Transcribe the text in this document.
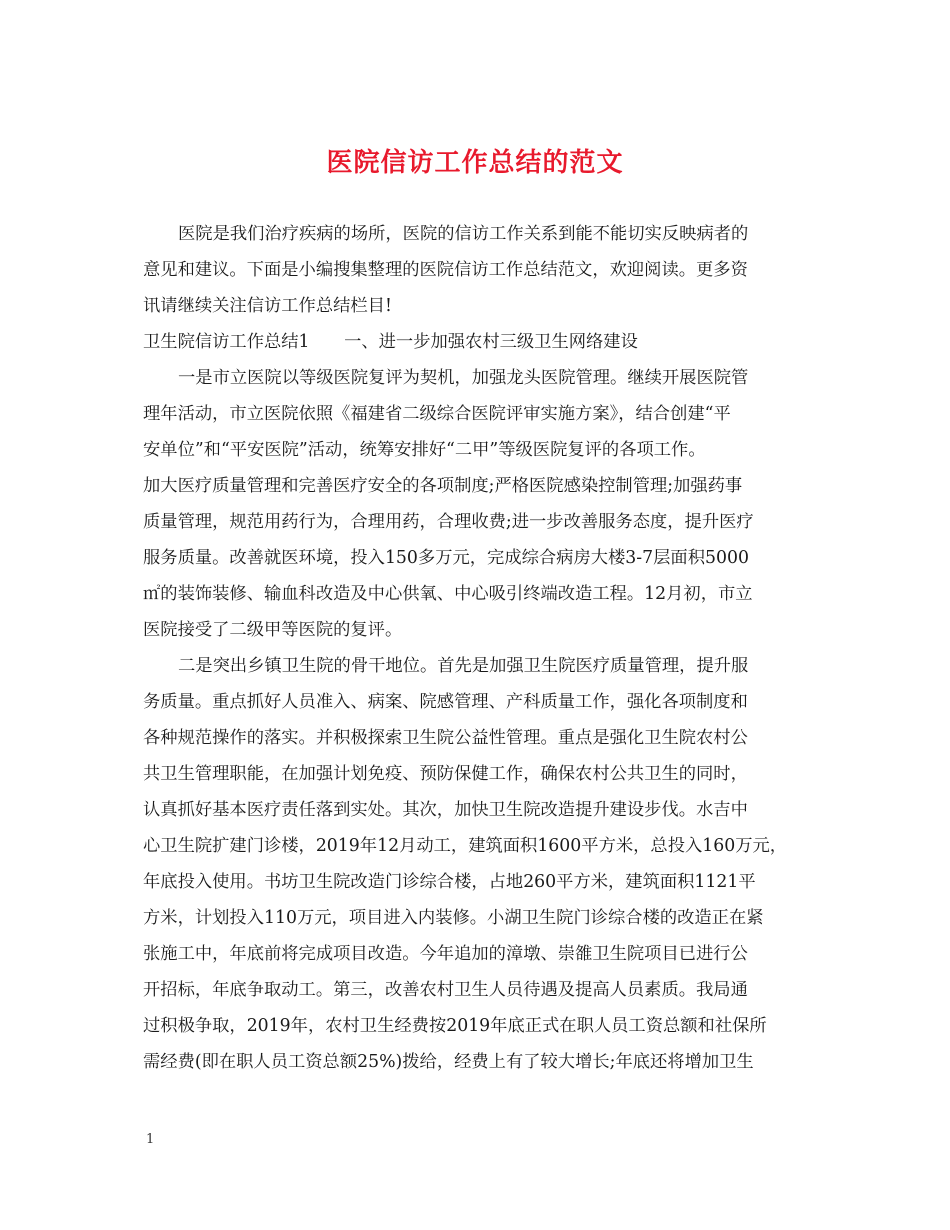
医院信访工作总结的范文
医院是我们治疗疾病的场所，医院的信访工作关系到能不能切实反映病者的
意见和建议。下面是小编搜集整理的医院信访工作总结范文，欢迎阅读。更多资
讯请继续关注信访工作总结栏目!
卫生院信访工作总结1　　一、进一步加强农村三级卫生网络建设
一是市立医院以等级医院复评为契机，加强龙头医院管理。继续开展医院管
理年活动，市立医院依照《福建省二级综合医院评审实施方案》，结合创建“平
安单位”和“平安医院”活动，统筹安排好“二甲”等级医院复评的各项工作。
加大医疗质量管理和完善医疗安全的各项制度;严格医院感染控制管理;加强药事
质量管理，规范用药行为，合理用药，合理收费;进一步改善服务态度，提升医疗
服务质量。改善就医环境，投入150多万元，完成综合病房大楼3-7层面积5000
㎡的装饰装修、输血科改造及中心供氧、中心吸引终端改造工程。12月初，市立
医院接受了二级甲等医院的复评。
二是突出乡镇卫生院的骨干地位。首先是加强卫生院医疗质量管理，提升服
务质量。重点抓好人员准入、病案、院感管理、产科质量工作，强化各项制度和
各种规范操作的落实。并积极探索卫生院公益性管理。重点是强化卫生院农村公
共卫生管理职能，在加强计划免疫、预防保健工作，确保农村公共卫生的同时，
认真抓好基本医疗责任落到实处。其次，加快卫生院改造提升建设步伐。水吉中
心卫生院扩建门诊楼，2019年12月动工，建筑面积1600平方米，总投入160万元，
年底投入使用。书坊卫生院改造门诊综合楼，占地260平方米，建筑面积1121平
方米，计划投入110万元，项目进入内装修。小湖卫生院门诊综合楼的改造正在紧
张施工中，年底前将完成项目改造。今年追加的漳墩、崇雒卫生院项目已进行公
开招标，年底争取动工。第三，改善农村卫生人员待遇及提高人员素质。我局通
过积极争取，2019年，农村卫生经费按2019年底正式在职人员工资总额和社保所
需经费(即在职人员工资总额25%)拨给，经费上有了较大增长;年底还将增加卫生
1
